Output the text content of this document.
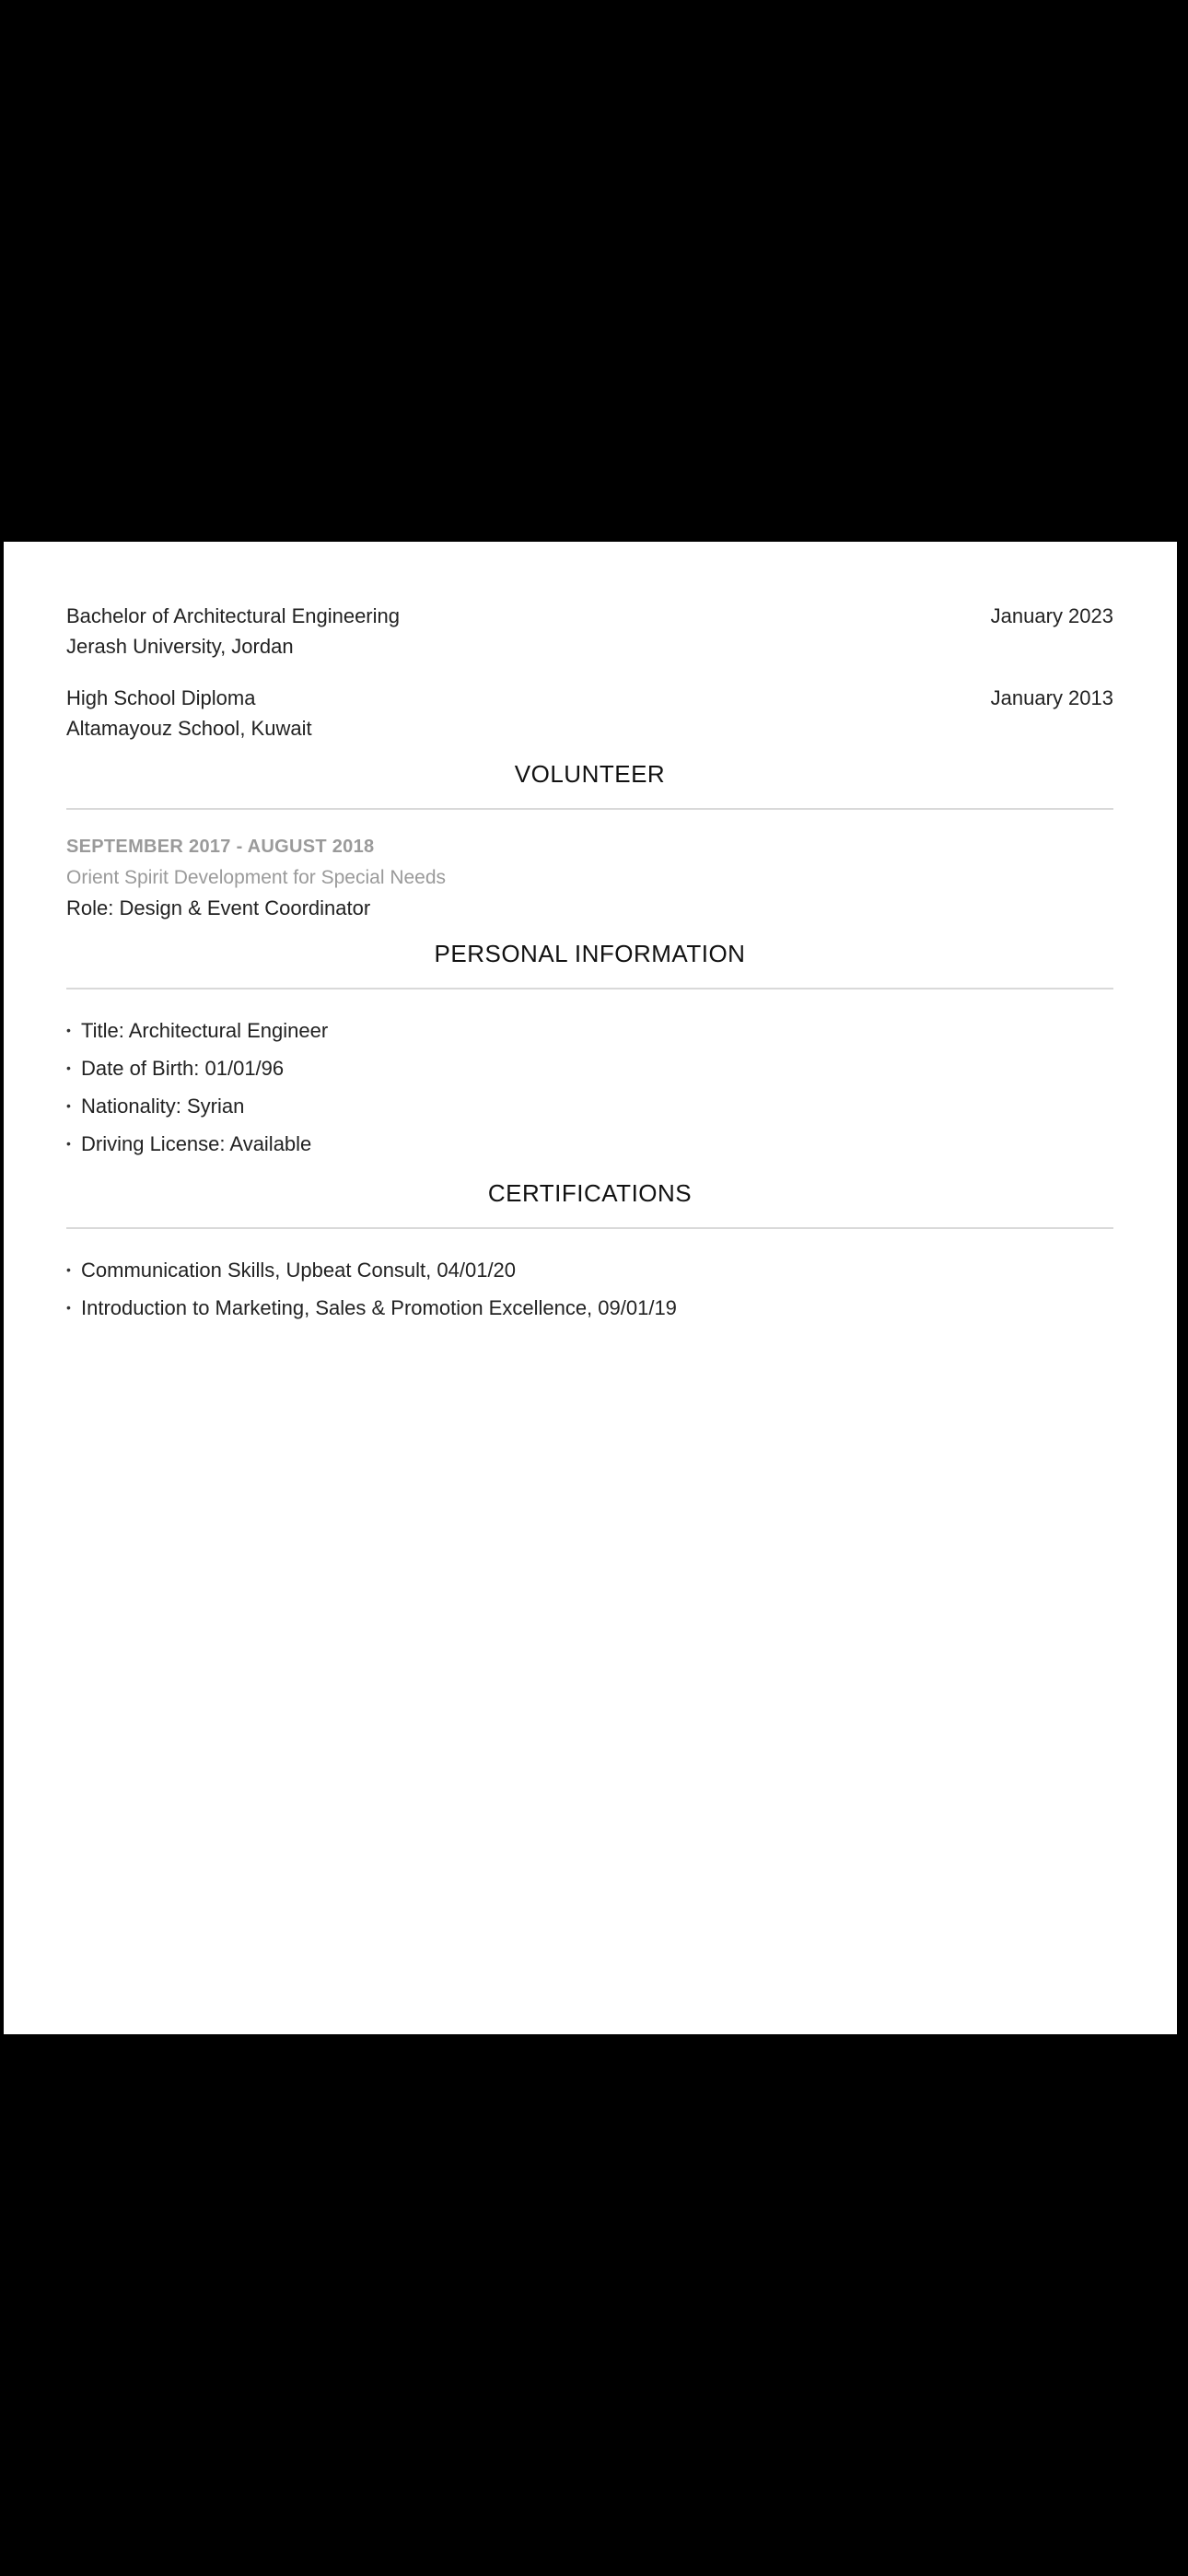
Bachelor of Architectural Engineering
Jerash University, Jordan
January 2023
High School Diploma
Altamayouz School, Kuwait
January 2013
VOLUNTEER
SEPTEMBER 2017 - AUGUST 2018
Orient Spirit Development for Special Needs
Role: Design & Event Coordinator
PERSONAL INFORMATION
• Title: Architectural Engineer
• Date of Birth: 01/01/96
• Nationality: Syrian
• Driving License: Available
CERTIFICATIONS
• Communication Skills, Upbeat Consult, 04/01/20
• Introduction to Marketing, Sales & Promotion Excellence, 09/01/19
